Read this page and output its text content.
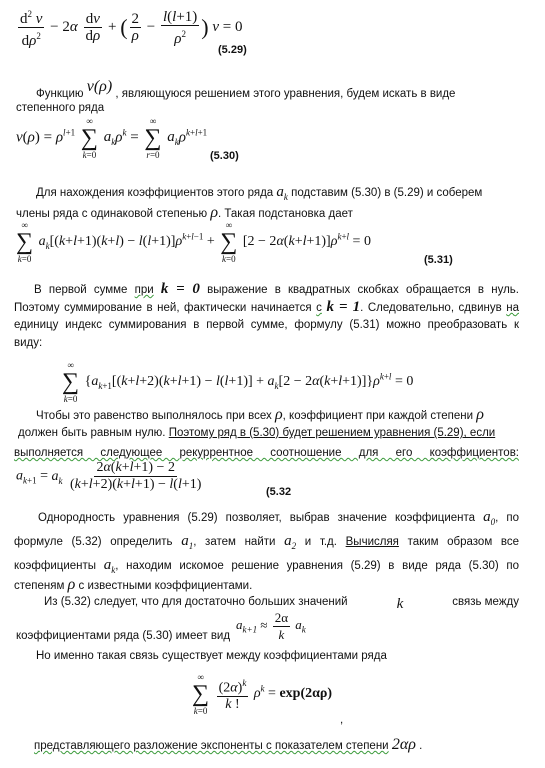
$\frac{d^2 v}{d\rho^2} - 2\alpha \frac{dv}{d\rho}$ + ( $\frac{2}{\rho} - \frac{l(l+1)}{\rho^2}$ ) v = 0
(5.29)
Функцию v(ρ) , являющуюся решением этого уравнения, будем искать в виде
степенного ряда
$v(\rho) = \rho^{l+1}$
∞
∑
k=0
$a_k\rho^k$ =
∞
∑
r=0
$a_k\rho^{k+l+1}$
(5.30)
Для нахождения коэффициентов этого ряда $a_k$ подставим (5.30) в (5.29) и соберем
члены ряда с одинаковой степенью ρ. Такая подстановка дает
∞
∑
k=0
$a_k[(k+l+1)(k+l) - l(l+1)]\rho^{k+l-1}$ +
∞
∑
k=0
$[2 - 2\alpha(k+l+1)]\rho^{k+l} = 0$
(5.31)
В первой сумме при k = 0 выражение в квадратных скобках обращается в нуль.
Поэтому суммирование в ней, фактически начинается с k = 1. Следовательно, сдвинув на
единицу индекс суммирования в первой сумме, формулу (5.31) можно преобразовать к
виду:
∞
∑
k=0
$\{a_{k+1}[(k+l+2)(k+l+1) - l(l+1)] + a_k[2 - 2\alpha(k+l+1)]\}\rho^{k+l} = 0$
Чтобы это равенство выполнялось при всех ρ, коэффициент при каждой степени ρ
должен быть равным нулю. Поэтому ряд в (5.30) будет решением уравнения (5.29), если
выполняется следующее рекуррентное соотношение для его коэффициентов:
$a_{k+1} = a_k \frac{2\alpha(k+l+1) - 2}{(k+l+2)(k+l+1) - l(l+1)}$	(5.32
Однородность уравнения (5.29) позволяет, выбрав значение коэффициента $a_0$, по
формуле (5.32) определить $a_1$, затем найти $a_2$ и т.д. Вычисляя таким образом все
коэффициенты $a_k$, находим искомое решение уравнения (5.29) в виде ряда (5.30) по
степеням ρ с известными коэффициентами.
Из (5.32) следует, что для достаточно больших значений	k	связь между
коэффициентами ряда (5.30) имеет вид
$a_{k+1} \approx \frac{2\alpha}{k} a_k$
Но именно такая связь существует между коэффициентами ряда
∞
∑
k=0
$\frac{(2\alpha)^k}{k !} \rho^k = \exp(2\alpha\rho)$
,
представляющего разложение экспоненты с показателем степени 2αρ .
